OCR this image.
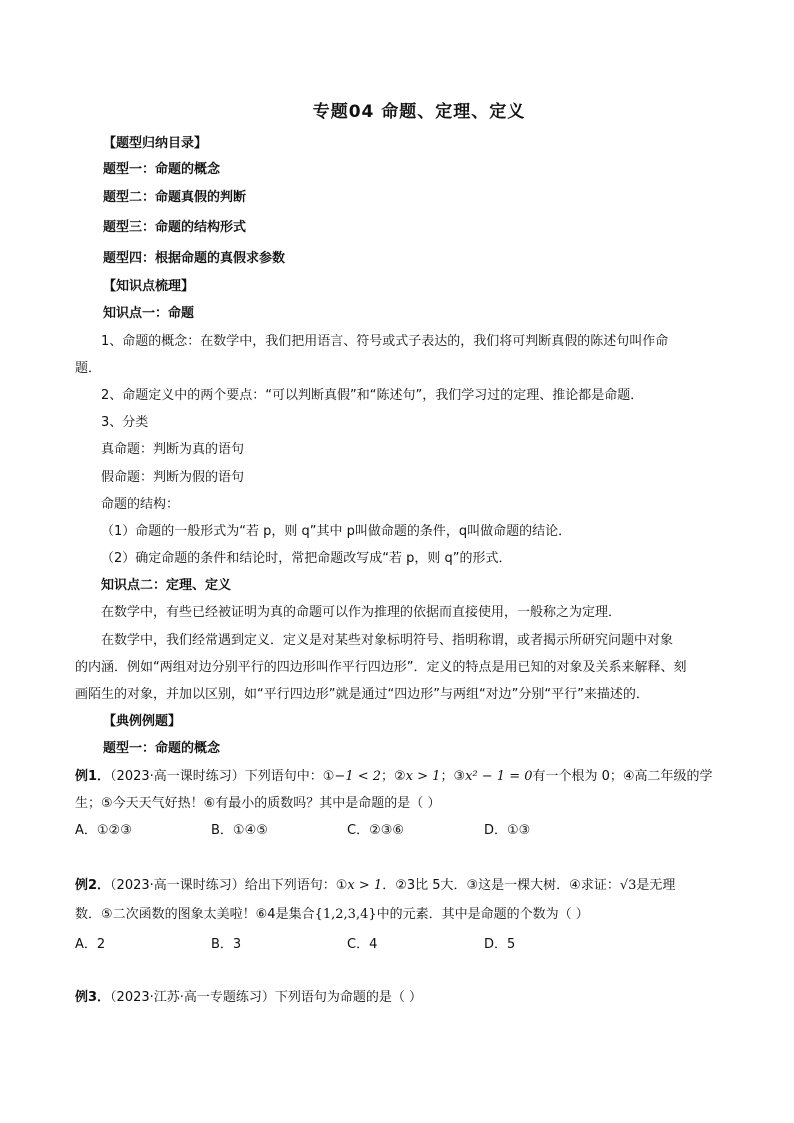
专题04 命题、定理、定义
【题型归纳目录】
题型一：命题的概念
题型二：命题真假的判断
题型三：命题的结构形式
题型四：根据命题的真假求参数
【知识点梳理】
知识点一：命题
1、命题的概念：在数学中，我们把用语言、符号或式子表达的，我们将可判断真假的陈述句叫作命
题．
2、命题定义中的两个要点：“可以判断真假”和“陈述句”，我们学习过的定理、推论都是命题．
3、分类
真命题：判断为真的语句
假命题：判断为假的语句
命题的结构：
（1）命题的一般形式为“若 p，则 q”其中 p叫做命题的条件，q叫做命题的结论．
（2）确定命题的条件和结论时，常把命题改写成“若 p，则 q”的形式．
知识点二：定理、定义
在数学中，有些已经被证明为真的命题可以作为推理的依据而直接使用，一般称之为定理．
在数学中，我们经常遇到定义．定义是对某些对象标明符号、指明称谓，或者揭示所研究问题中对象
的内涵．例如“两组对边分别平行的四边形叫作平行四边形”．定义的特点是用已知的对象及关系来解释、刻
画陌生的对象，并加以区别，如“平行四边形”就是通过“四边形”与两组“对边”分别“平行”来描述的．
【典例例题】
题型一：命题的概念
例1．（2023·高一课时练习）下列语句中：①−1 < 2；②x > 1；③x² − 1 = 0有一个根为 0；④高二年级的学
生；⑤今天天气好热！⑥有最小的质数吗？其中是命题的是（ ）
A．①②③	B．①④⑤	C．②③⑥	D．①③
例2．（2023·高一课时练习）给出下列语句：①x > 1．②3比 5大．③这是一棵大树．④求证：√3是无理
数．⑤二次函数的图象太美啦！⑥4是集合{1,2,3,4}中的元素．其中是命题的个数为（ ）
A．2	B．3	C．4	D．5
例3．（2023·江苏·高一专题练习）下列语句为命题的是（ ）
